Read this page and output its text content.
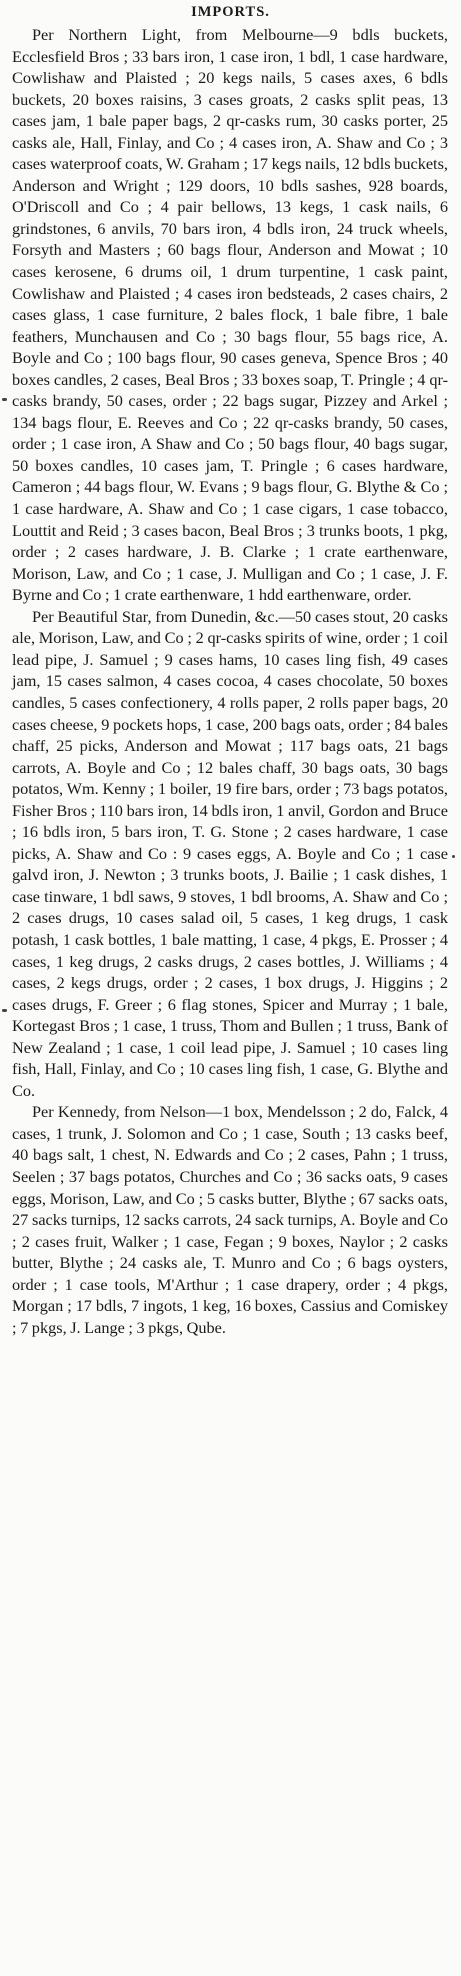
IMPORTS.

Per Northern Light, from Melbourne—9 bdls buckets, Ecclesfield Bros ; 33 bars iron, 1 case iron, 1 bdl, 1 case hardware, Cowlishaw and Plaisted ; 20 kegs nails, 5 cases axes, 6 bdls buckets, 20 boxes raisins, 3 cases groats, 2 casks split peas, 13 cases jam, 1 bale paper bags, 2 qr-casks rum, 30 casks porter, 25 casks ale, Hall, Finlay, and Co ; 4 cases iron, A. Shaw and Co ; 3 cases waterproof coats, W. Graham ; 17 kegs nails, 12 bdls buckets, Anderson and Wright ; 129 doors, 10 bdls sashes, 928 boards, O'Driscoll and Co ; 4 pair bellows, 13 kegs, 1 cask nails, 6 grindstones, 6 anvils, 70 bars iron, 4 bdls iron, 24 truck wheels, Forsyth and Masters ; 60 bags flour, Anderson and Mowat ; 10 cases kerosene, 6 drums oil, 1 drum turpentine, 1 cask paint, Cowlishaw and Plaisted ; 4 cases iron bedsteads, 2 cases chairs, 2 cases glass, 1 case furniture, 2 bales flock, 1 bale fibre, 1 bale feathers, Munchausen and Co ; 30 bags flour, 55 bags rice, A. Boyle and Co ; 100 bags flour, 90 cases geneva, Spence Bros ; 40 boxes candles, 2 cases, Beal Bros ; 33 boxes soap, T. Pringle ; 4 qr-casks brandy, 50 cases, order ; 22 bags sugar, Pizzey and Arkel ; 134 bags flour, E. Reeves and Co ; 22 qr-casks brandy, 50 cases, order ; 1 case iron, A Shaw and Co ; 50 bags flour, 40 bags sugar, 50 boxes candles, 10 cases jam, T. Pringle ; 6 cases hardware, Cameron ; 44 bags flour, W. Evans ; 9 bags flour, G. Blythe & Co ; 1 case hardware, A. Shaw and Co ; 1 case cigars, 1 case tobacco, Louttit and Reid ; 3 cases bacon, Beal Bros ; 3 trunks boots, 1 pkg, order ; 2 cases hardware, J. B. Clarke ; 1 crate earthenware, Morison, Law, and Co ; 1 case, J. Mulligan and Co ; 1 case, J. F. Byrne and Co ; 1 crate earthenware, 1 hdd earthenware, order.

Per Beautiful Star, from Dunedin, &c.—50 cases stout, 20 casks ale, Morison, Law, and Co ; 2 qr-casks spirits of wine, order ; 1 coil lead pipe, J. Samuel ; 9 cases hams, 10 cases ling fish, 49 cases jam, 15 cases salmon, 4 cases cocoa, 4 cases chocolate, 50 boxes candles, 5 cases confectionery, 4 rolls paper, 2 rolls paper bags, 20 cases cheese, 9 pockets hops, 1 case, 200 bags oats, order ; 84 bales chaff, 25 picks, Anderson and Mowat ; 117 bags oats, 21 bags carrots, A. Boyle and Co ; 12 bales chaff, 30 bags oats, 30 bags potatos, Wm. Kenny ; 1 boiler, 19 fire bars, order ; 73 bags potatos, Fisher Bros ; 110 bars iron, 14 bdls iron, 1 anvil, Gordon and Bruce ; 16 bdls iron, 5 bars iron, T. G. Stone ; 2 cases hardware, 1 case picks, A. Shaw and Co : 9 cases eggs, A. Boyle and Co ; 1 case galvd iron, J. Newton ; 3 trunks boots, J. Bailie ; 1 cask dishes, 1 case tinware, 1 bdl saws, 9 stoves, 1 bdl brooms, A. Shaw and Co ; 2 cases drugs, 10 cases salad oil, 5 cases, 1 keg drugs, 1 cask potash, 1 cask bottles, 1 bale matting, 1 case, 4 pkgs, E. Prosser ; 4 cases, 1 keg drugs, 2 casks drugs, 2 cases bottles, J. Williams ; 4 cases, 2 kegs drugs, order ; 2 cases, 1 box drugs, J. Higgins ; 2 cases drugs, F. Greer ; 6 flag stones, Spicer and Murray ; 1 bale, Kortegast Bros ; 1 case, 1 truss, Thom and Bullen ; 1 truss, Bank of New Zealand ; 1 case, 1 coil lead pipe, J. Samuel ; 10 cases ling fish, Hall, Finlay, and Co ; 10 cases ling fish, 1 case, G. Blythe and Co.

Per Kennedy, from Nelson—1 box, Mendelsson ; 2 do, Falck, 4 cases, 1 trunk, J. Solomon and Co ; 1 case, South ; 13 casks beef, 40 bags salt, 1 chest, N. Edwards and Co ; 2 cases, Pahn ; 1 truss, Seelen ; 37 bags potatos, Churches and Co ; 36 sacks oats, 9 cases eggs, Morison, Law, and Co ; 5 casks butter, Blythe ; 67 sacks oats, 27 sacks turnips, 12 sacks carrots, 24 sack turnips, A. Boyle and Co ; 2 cases fruit, Walker ; 1 case, Fegan ; 9 boxes, Naylor ; 2 casks butter, Blythe ; 24 casks ale, T. Munro and Co ; 6 bags oysters, order ; 1 case tools, M'Arthur ; 1 case drapery, order ; 4 pkgs, Morgan ; 17 bdls, 7 ingots, 1 keg, 16 boxes, Cassius and Comiskey ; 7 pkgs, J. Lange ; 3 pkgs, Qube.
